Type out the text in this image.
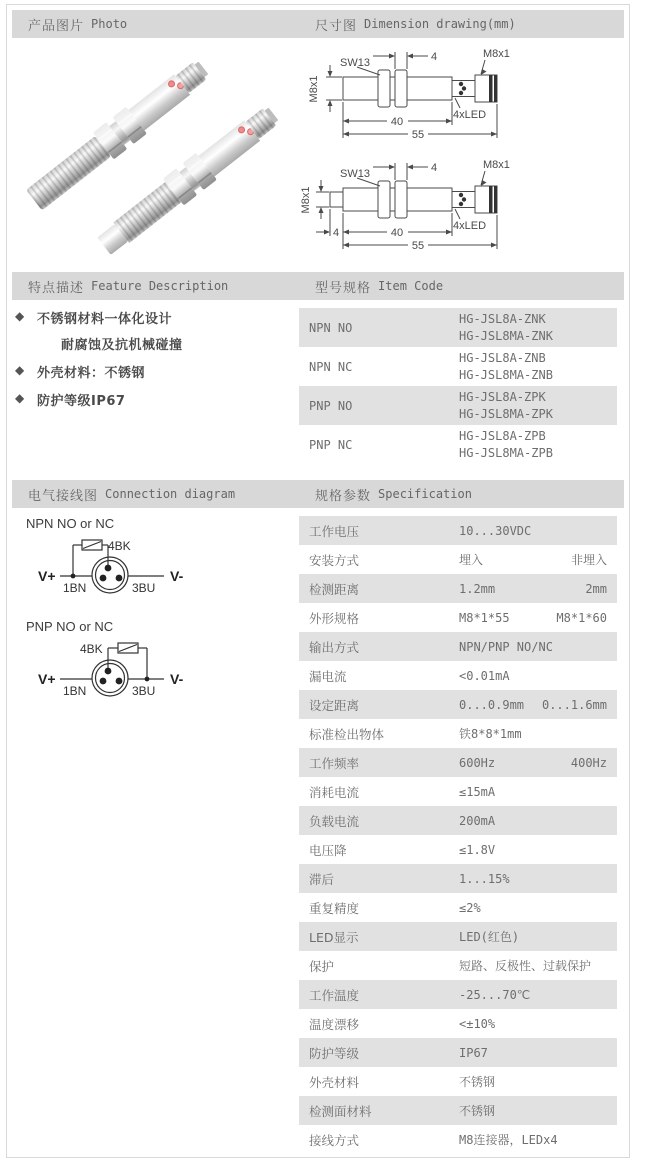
产品图片 Photo	尺寸图 Dimension drawing(mm)
M8x1
SW13	4	M8x1
4xLED
40
55
M8x1
SW13	4	M8x1
4xLED
4	40
55
特点描述 Feature Description	型号规格 Item Code
◆ 不锈钢材料一体化设计
耐腐蚀及抗机械碰撞
◆ 外壳材料：不锈钢
◆ 防护等级IP67
NPN NO
HG-JSL8A-ZNK
HG-JSL8MA-ZNK
NPN NC
HG-JSL8A-ZNB
HG-JSL8MA-ZNB
PNP NO
HG-JSL8A-ZPK
HG-JSL8MA-ZPK
PNP NC
HG-JSL8A-ZPB
HG-JSL8MA-ZPB
电气接线图 Connection diagram	规格参数 Specification
NPN NO or NC
V+	V-
4BK
1BN	3BU
PNP NO or NC
V+	V-
4BK
1BN	3BU
工作电压	10...30VDC
安装方式	埋入	非埋入
检测距离	1.2mm	2mm
外形规格	M8*1*55	M8*1*60
输出方式	NPN/PNP NO/NC
漏电流	<0.01mA
设定距离	0...0.9mm 0...1.6mm
标准检出物体	铁8*8*1mm
工作频率	600Hz	400Hz
消耗电流	≤15mA
负载电流	200mA
电压降	≤1.8V
滞后	1...15%
重复精度	≤2%
LED显示	LED(红色)
保护	短路、反极性、过载保护
工作温度	-25...70℃
温度漂移	<±10%
防护等级	IP67
外壳材料	不锈钢
检测面材料	不锈钢
接线方式	M8连接器，LEDx4
